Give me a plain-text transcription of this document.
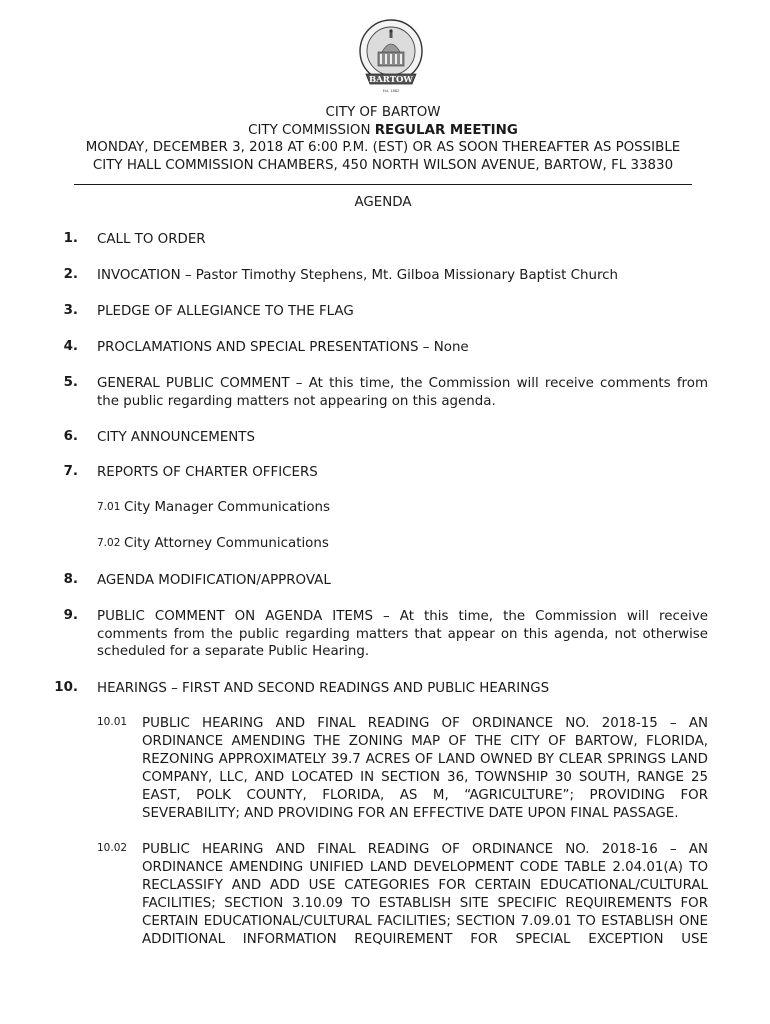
BARTOW
Est. 1882
CITY OF BARTOW
CITY COMMISSION REGULAR MEETING
MONDAY, DECEMBER 3, 2018 AT 6:00 P.M. (EST) OR AS SOON THEREAFTER AS POSSIBLE
CITY HALL COMMISSION CHAMBERS, 450 NORTH WILSON AVENUE, BARTOW, FL 33830
AGENDA
1. CALL TO ORDER
2. INVOCATION – Pastor Timothy Stephens, Mt. Gilboa Missionary Baptist Church
3. PLEDGE OF ALLEGIANCE TO THE FLAG
4. PROCLAMATIONS AND SPECIAL PRESENTATIONS – None
5. GENERAL PUBLIC COMMENT – At this time, the Commission will receive comments from the public regarding matters not appearing on this agenda.
6. CITY ANNOUNCEMENTS
7. REPORTS OF CHARTER OFFICERS
7.01 City Manager Communications
7.02 City Attorney Communications
8. AGENDA MODIFICATION/APPROVAL
9. PUBLIC COMMENT ON AGENDA ITEMS – At this time, the Commission will receive comments from the public regarding matters that appear on this agenda, not otherwise scheduled for a separate Public Hearing.
10. HEARINGS – FIRST AND SECOND READINGS AND PUBLIC HEARINGS
10.01 PUBLIC HEARING AND FINAL READING OF ORDINANCE NO. 2018-15 – AN ORDINANCE AMENDING THE ZONING MAP OF THE CITY OF BARTOW, FLORIDA, REZONING APPROXIMATELY 39.7 ACRES OF LAND OWNED BY CLEAR SPRINGS LAND COMPANY, LLC, AND LOCATED IN SECTION 36, TOWNSHIP 30 SOUTH, RANGE 25 EAST, POLK COUNTY, FLORIDA, AS M, “AGRICULTURE”; PROVIDING FOR SEVERABILITY; AND PROVIDING FOR AN EFFECTIVE DATE UPON FINAL PASSAGE.
10.02 PUBLIC HEARING AND FINAL READING OF ORDINANCE NO. 2018-16 – AN ORDINANCE AMENDING UNIFIED LAND DEVELOPMENT CODE TABLE 2.04.01(A) TO RECLASSIFY AND ADD USE CATEGORIES FOR CERTAIN EDUCATIONAL/CULTURAL FACILITIES; SECTION 3.10.09 TO ESTABLISH SITE SPECIFIC REQUIREMENTS FOR CERTAIN EDUCATIONAL/CULTURAL FACILITIES; SECTION 7.09.01 TO ESTABLISH ONE ADDITIONAL INFORMATION REQUIREMENT FOR SPECIAL EXCEPTION USE
